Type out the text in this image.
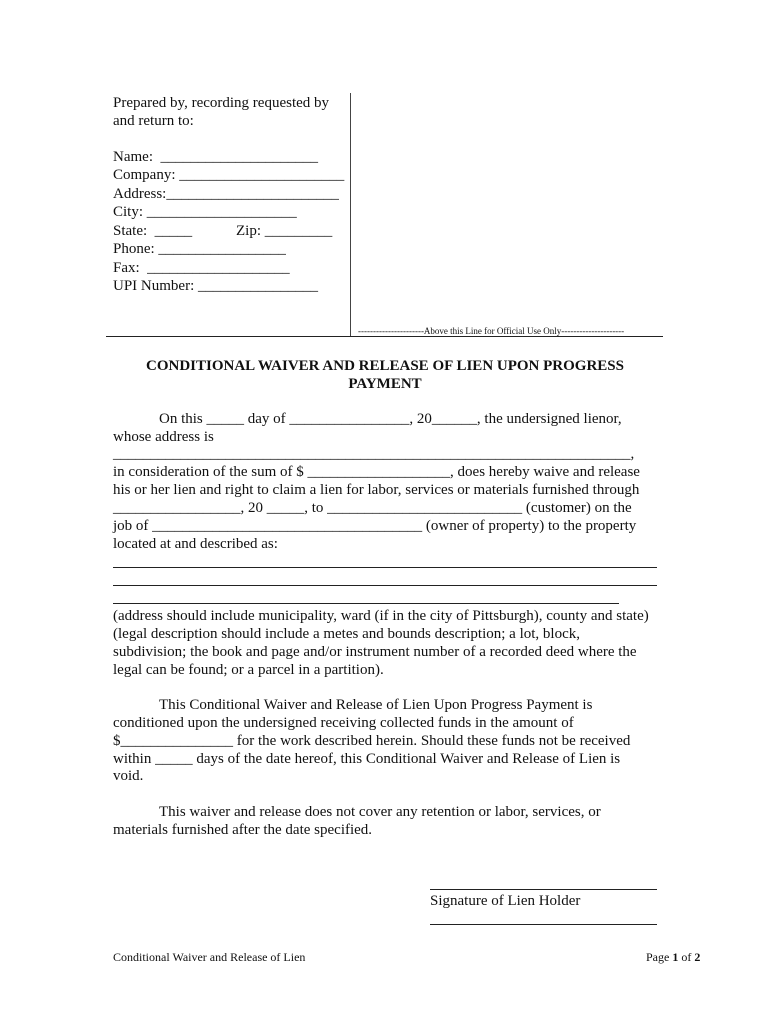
Prepared by, recording requested by
and return to:
Name:  _____________________
Company: ______________________
Address:_______________________
City: ____________________
State:  _____	Zip: _________
Phone: _________________
Fax:  ___________________
UPI Number: ________________
----------------------Above this Line for Official Use Only---------------------
CONDITIONAL WAIVER AND RELEASE OF LIEN UPON PROGRESS
PAYMENT
On this _____ day of ________________, 20______, the undersigned lienor,
whose address is
_____________________________________________________________________,
in consideration of the sum of $ ___________________, does hereby waive and release
his or her lien and right to claim a lien for labor, services or materials furnished through
_________________, 20 _____, to __________________________ (customer) on the
job of ____________________________________ (owner of property) to the property
located at and described as:
(address should include municipality, ward (if in the city of Pittsburgh), county and state)
(legal description should include a metes and bounds description; a lot, block,
subdivision; the book and page and/or instrument number of a recorded deed where the
legal can be found; or a parcel in a partition).
This Conditional Waiver and Release of Lien Upon Progress Payment is
conditioned upon the undersigned receiving collected funds in the amount of
$_______________ for the work described herein. Should these funds not be received
within _____ days of the date hereof, this Conditional Waiver and Release of Lien is
void.
This waiver and release does not cover any retention or labor, services, or
materials furnished after the date specified.
Signature of Lien Holder
Conditional Waiver and Release of Lien	Page 1 of 2
